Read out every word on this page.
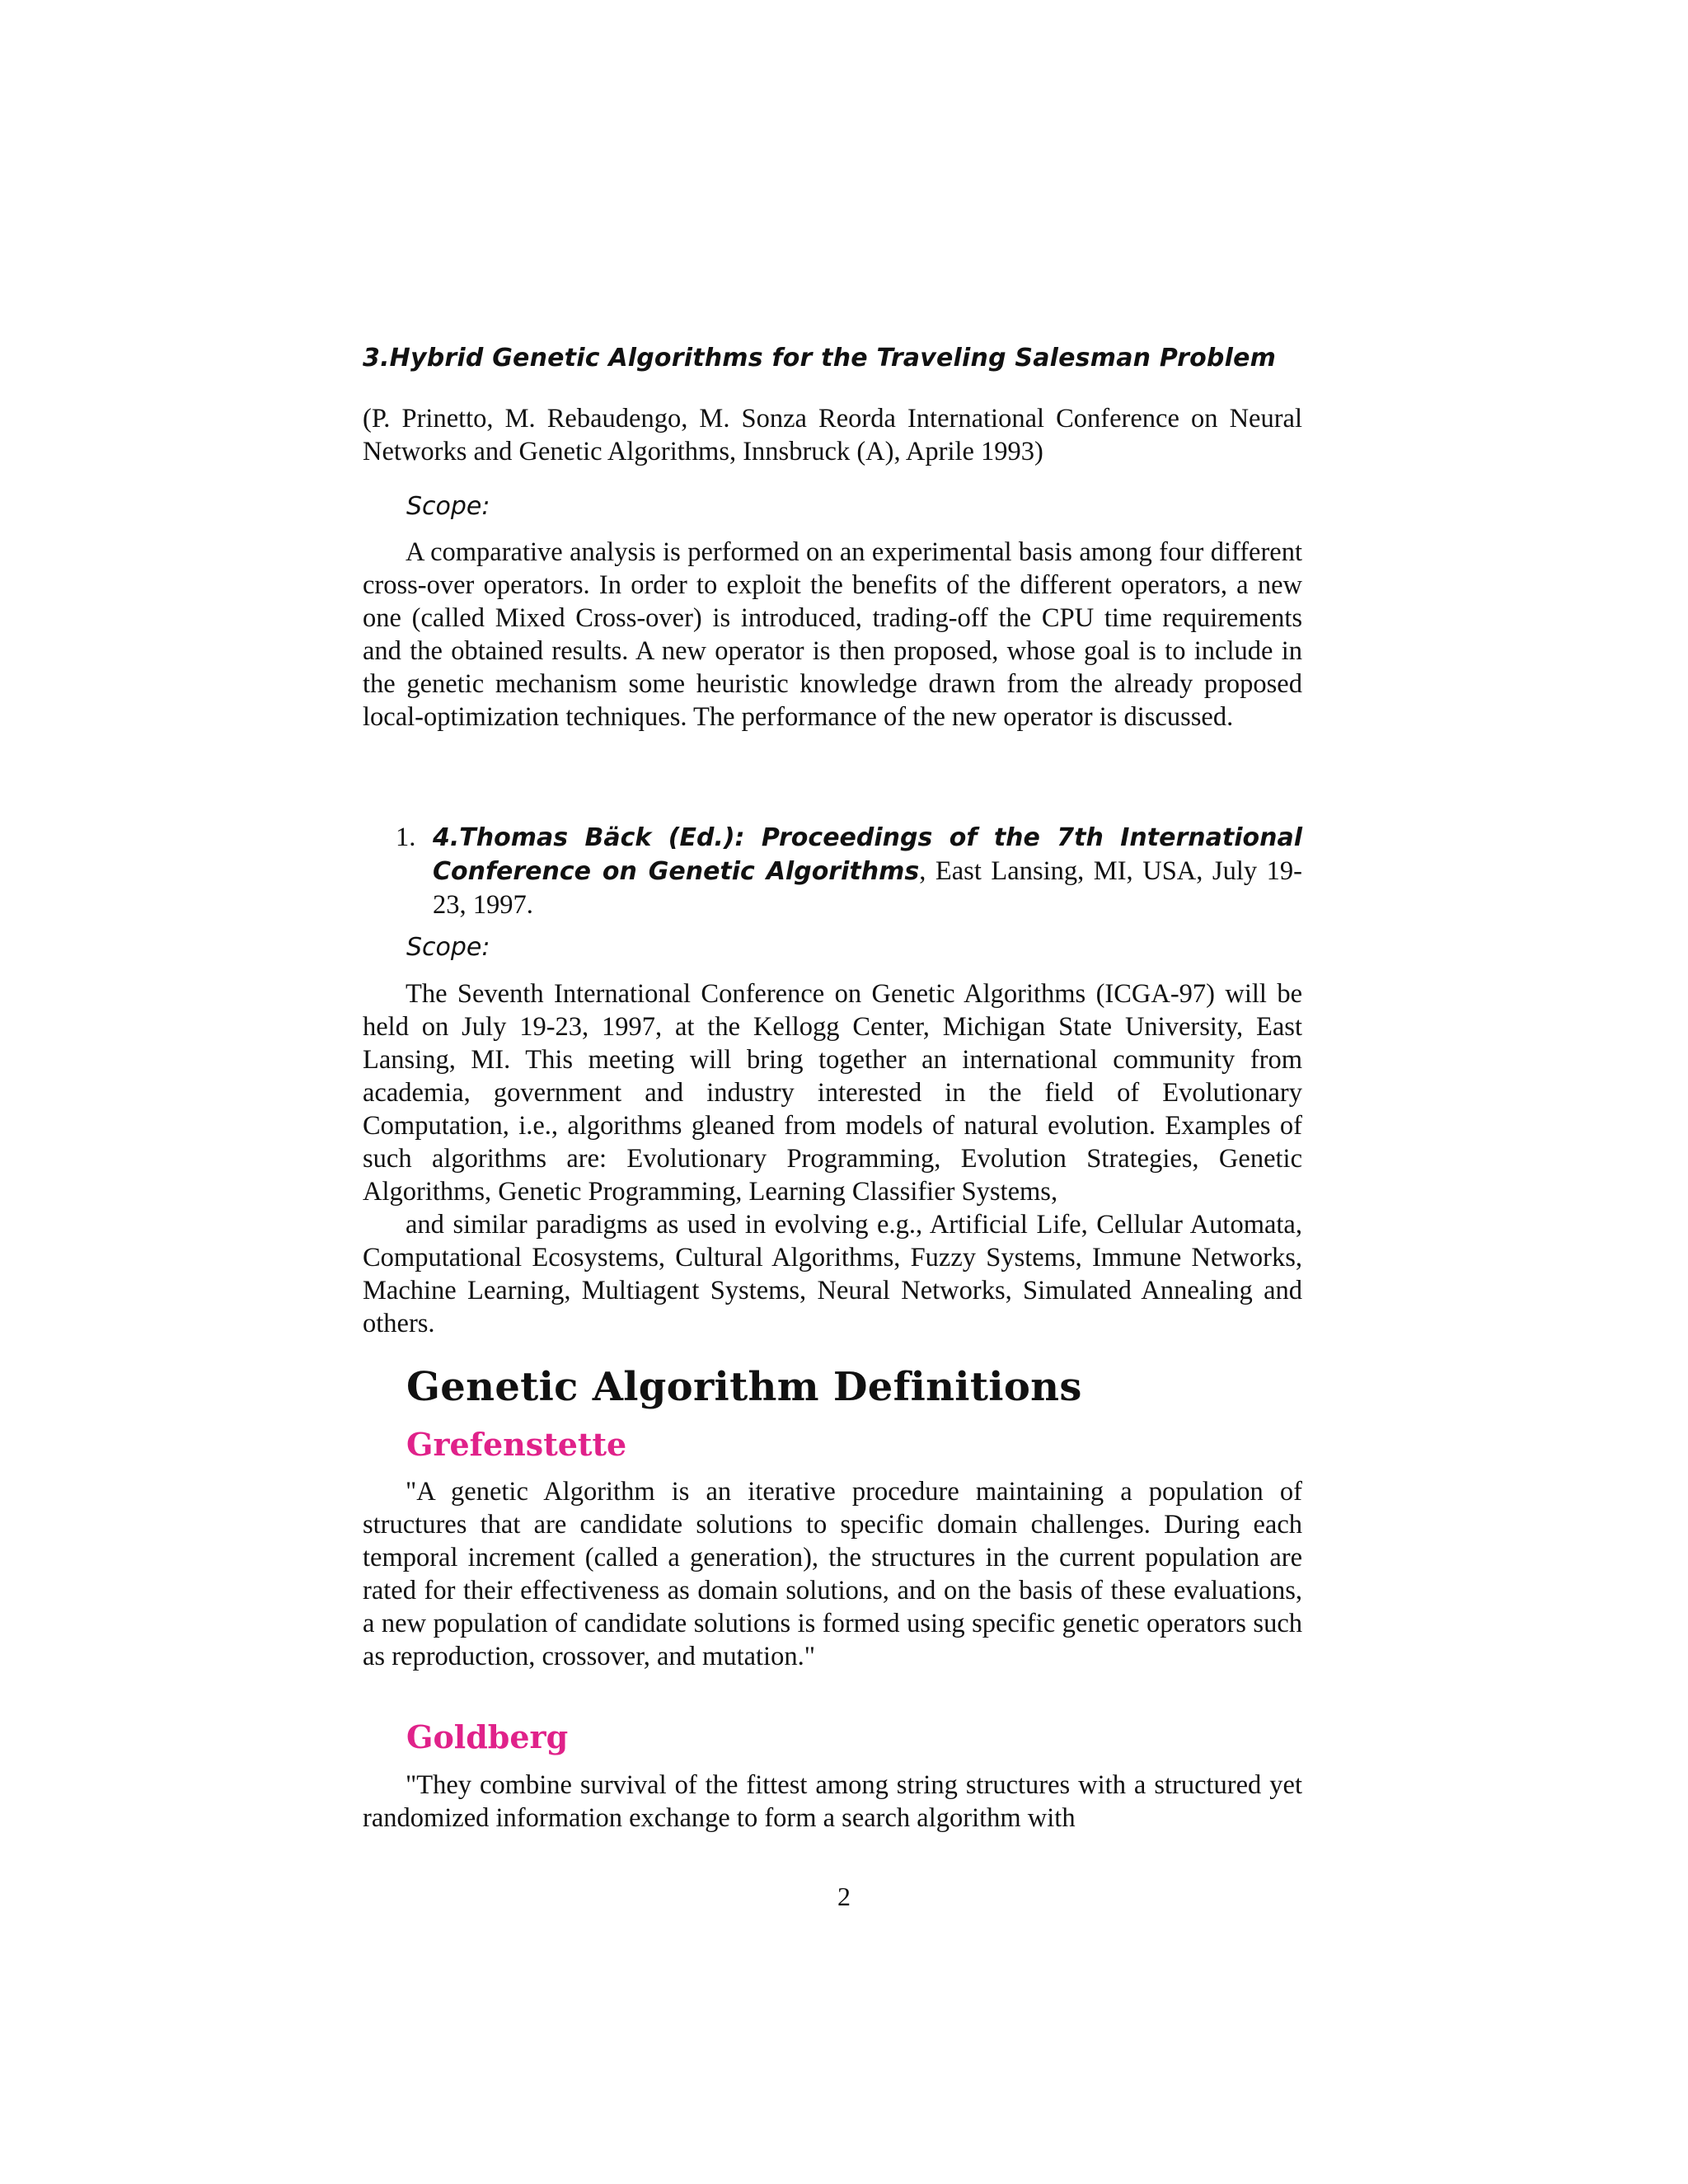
3.Hybrid Genetic Algorithms for the Traveling Salesman Problem

(P. Prinetto, M. Rebaudengo, M. Sonza Reorda International Conference on Neural Networks and Genetic Algorithms, Innsbruck (A), Aprile 1993)

Scope:

A comparative analysis is performed on an experimental basis among four different cross-over operators. In order to exploit the benefits of the different operators, a new one (called Mixed Cross-over) is introduced, trading-off the CPU time requirements and the obtained results. A new operator is then proposed, whose goal is to include in the genetic mechanism some heuristic knowledge drawn from the already proposed local-optimization techniques. The performance of the new operator is discussed.

1. 4.Thomas Bäck (Ed.): Proceedings of the 7th International Conference on Genetic Algorithms, East Lansing, MI, USA, July 19-23, 1997.
Scope:

The Seventh International Conference on Genetic Algorithms (ICGA-97) will be held on July 19-23, 1997, at the Kellogg Center, Michigan State University, East Lansing, MI. This meeting will bring together an international community from academia, government and industry interested in the field of Evolutionary Computation, i.e., algorithms gleaned from models of natural evolution. Examples of such algorithms are: Evolutionary Programming, Evolution Strategies, Genetic Algorithms, Genetic Programming, Learning Classifier Systems,

and similar paradigms as used in evolving e.g., Artificial Life, Cellular Automata, Computational Ecosystems, Cultural Algorithms, Fuzzy Systems, Immune Networks, Machine Learning, Multiagent Systems, Neural Networks, Simulated Annealing and others.

Genetic Algorithm Definitions
Grefenstette

"A genetic Algorithm is an iterative procedure maintaining a population of structures that are candidate solutions to specific domain challenges. During each temporal increment (called a generation), the structures in the current population are rated for their effectiveness as domain solutions, and on the basis of these evaluations, a new population of candidate solutions is formed using specific genetic operators such as reproduction, crossover, and mutation."

Goldberg

"They combine survival of the fittest among string structures with a structured yet randomized information exchange to form a search algorithm with

2
